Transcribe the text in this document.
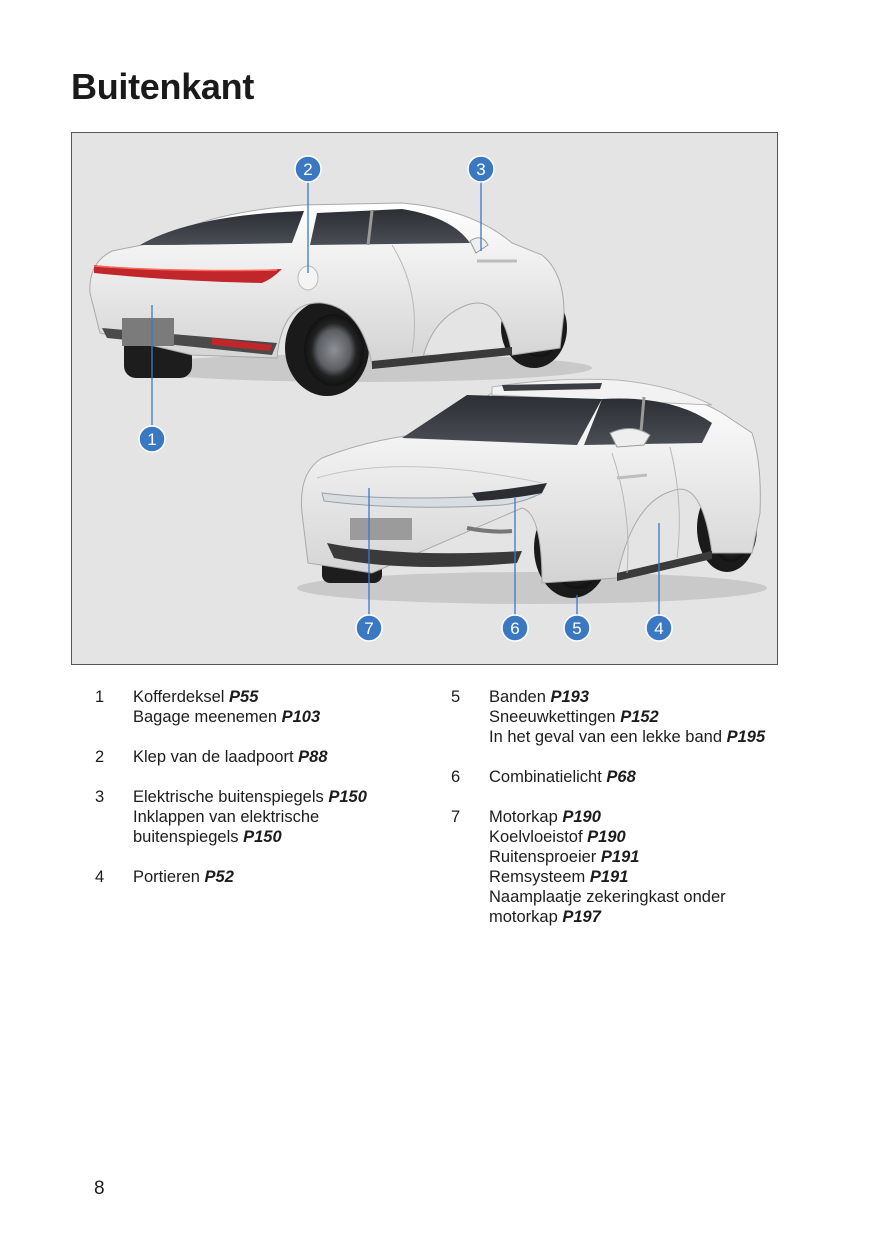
Buitenkant
2	3
1
7	6	5	4
1 Kofferdeksel P55
Bagage meenemen P103
2 Klep van de laadpoort P88
3 Elektrische buitenspiegels P150
Inklappen van elektrische
buitenspiegels P150
4 Portieren P52
5 Banden P193
Sneeuwkettingen P152
In het geval van een lekke band P195
6 Combinatielicht P68
7 Motorkap P190
Koelvloeistof P190
Ruitensproeier P191
Remsysteem P191
Naamplaatje zekeringkast onder
motorkap P197
8
